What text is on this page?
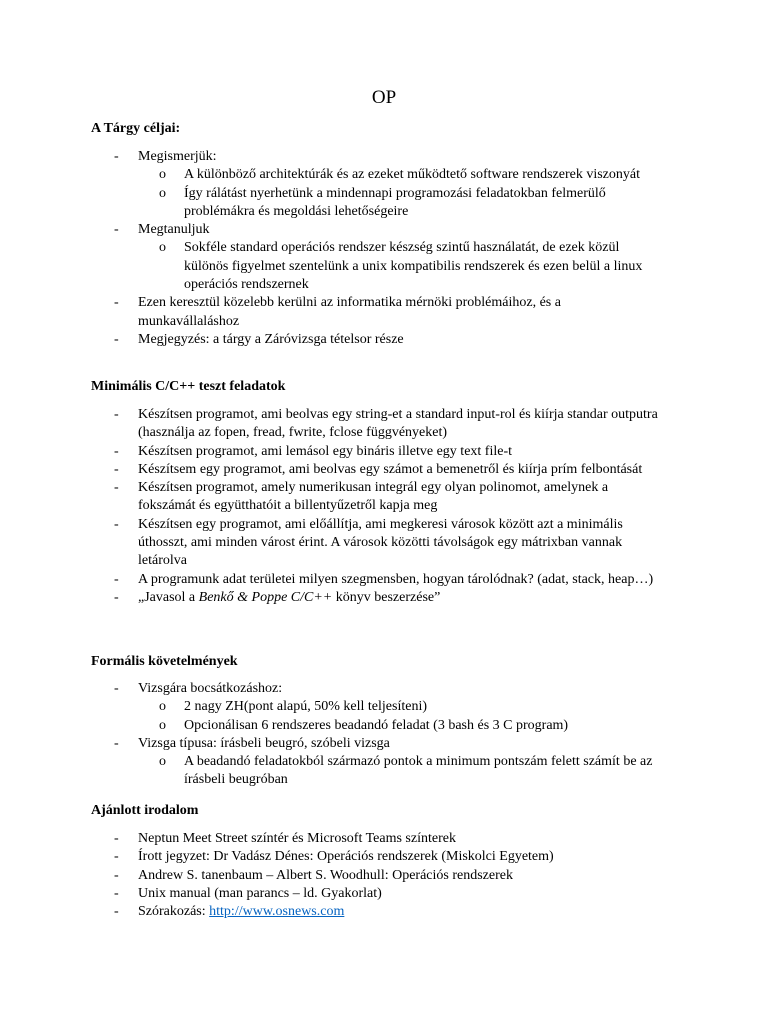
OP
A Tárgy céljai:
- Megismerjük:
o A különböző architektúrák és az ezeket működtető software rendszerek viszonyát
o Így rálátást nyerhetünk a mindennapi programozási feladatokban felmerülő problémákra és megoldási lehetőségeire
- Megtanuljuk
o Sokféle standard operációs rendszer készség szintű használatát, de ezek közül különös figyelmet szentelünk a unix kompatibilis rendszerek és ezen belül a linux operációs rendszernek
- Ezen keresztül közelebb kerülni az informatika mérnöki problémáihoz, és a munkavállaláshoz
- Megjegyzés: a tárgy a Záróvizsga tételsor része
Minimális C/C++ teszt feladatok
- Készítsen programot, ami beolvas egy string-et a standard input-rol és kiírja standar outputra (használja az fopen, fread, fwrite, fclose függvényeket)
- Készítsen programot, ami lemásol egy bináris illetve egy text file-t
- Készítsem egy programot, ami beolvas egy számot a bemenetről és kiírja prím felbontását
- Készítsen programot, amely numerikusan integrál egy olyan polinomot, amelynek a fokszámát és együtthatóit a billentyűzetről kapja meg
- Készítsen egy programot, ami előállítja, ami megkeresi városok között azt a minimális úthosszt, ami minden várost érint. A városok közötti távolságok egy mátrixban vannak letárolva
- A programunk adat területei milyen szegmensben, hogyan tárolódnak? (adat, stack, heap…)
- „Javasol a Benkő & Poppe C/C++ könyv beszerzése”
Formális követelmények
- Vizsgára bocsátkozáshoz:
o 2 nagy ZH(pont alapú, 50% kell teljesíteni)
o Opcionálisan 6 rendszeres beadandó feladat (3 bash és 3 C program)
- Vizsga típusa: írásbeli beugró, szóbeli vizsga
o A beadandó feladatokból származó pontok a minimum pontszám felett számít be az írásbeli beugróban
Ajánlott irodalom
- Neptun Meet Street színtér és Microsoft Teams színterek
- Írott jegyzet: Dr Vadász Dénes: Operációs rendszerek (Miskolci Egyetem)
- Andrew S. tanenbaum – Albert S. Woodhull: Operációs rendszerek
- Unix manual (man parancs – ld. Gyakorlat)
- Szórakozás: http://www.osnews.com
